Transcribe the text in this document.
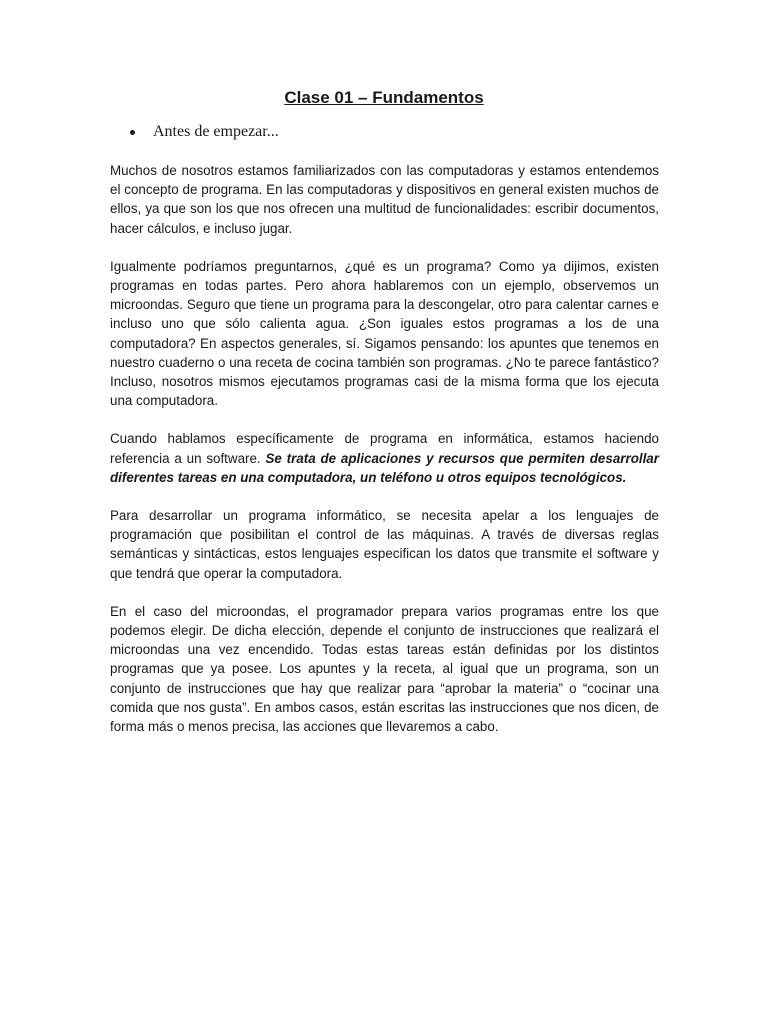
Clase 01 – Fundamentos
Antes de empezar...

Muchos de nosotros estamos familiarizados con las computadoras y estamos entendemos el concepto de programa. En las computadoras y dispositivos en general existen muchos de ellos, ya que son los que nos ofrecen una multitud de funcionalidades: escribir documentos, hacer cálculos, e incluso jugar.

Igualmente podríamos preguntarnos, ¿qué es un programa? Como ya dijimos, existen programas en todas partes. Pero ahora hablaremos con un ejemplo, observemos un microondas. Seguro que tiene un programa para la descongelar, otro para calentar carnes e incluso uno que sólo calienta agua. ¿Son iguales estos programas a los de una computadora? En aspectos generales, sí. Sigamos pensando: los apuntes que tenemos en nuestro cuaderno o una receta de cocina también son programas. ¿No te parece fantástico? Incluso, nosotros mismos ejecutamos programas casi de la misma forma que los ejecuta una computadora.

Cuando hablamos específicamente de programa en informática, estamos haciendo referencia a un software. Se trata de aplicaciones y recursos que permiten desarrollar diferentes tareas en una computadora, un teléfono u otros equipos tecnológicos.

Para desarrollar un programa informático, se necesita apelar a los lenguajes de programación que posibilitan el control de las máquinas. A través de diversas reglas semánticas y sintácticas, estos lenguajes especifican los datos que transmite el software y que tendrá que operar la computadora.

En el caso del microondas, el programador prepara varios programas entre los que podemos elegir. De dicha elección, depende el conjunto de instrucciones que realizará el microondas una vez encendido. Todas estas tareas están definidas por los distintos programas que ya posee. Los apuntes y la receta, al igual que un programa, son un conjunto de instrucciones que hay que realizar para “aprobar la materia” o “cocinar una comida que nos gusta”. En ambos casos, están escritas las instrucciones que nos dicen, de forma más o menos precisa, las acciones que llevaremos a cabo.
